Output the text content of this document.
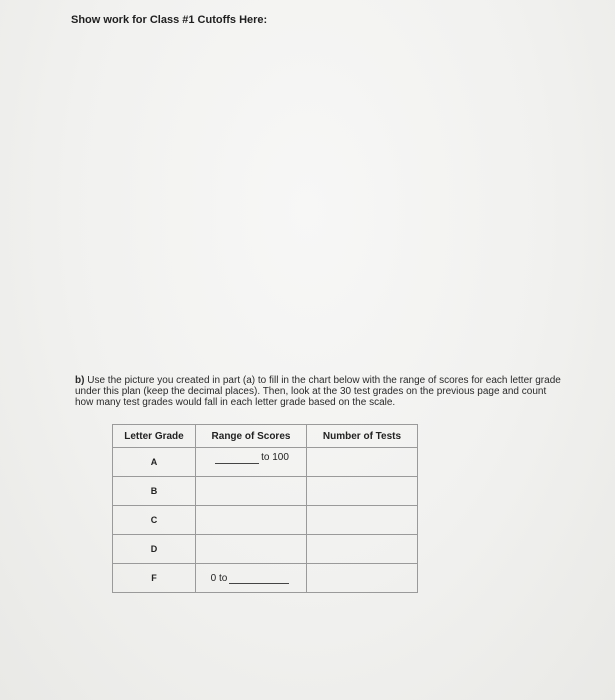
Show work for Class #1 Cutoffs Here:
b) Use the picture you created in part (a) to fill in the chart below with the range of scores for each letter grade under this plan (keep the decimal places). Then, look at the 30 test grades on the previous page and count how many test grades would fall in each letter grade based on the scale.
Letter Grade	Range of Scores	Number of Tests
A	to 100	
B		
C		
D		
F	0 to	
